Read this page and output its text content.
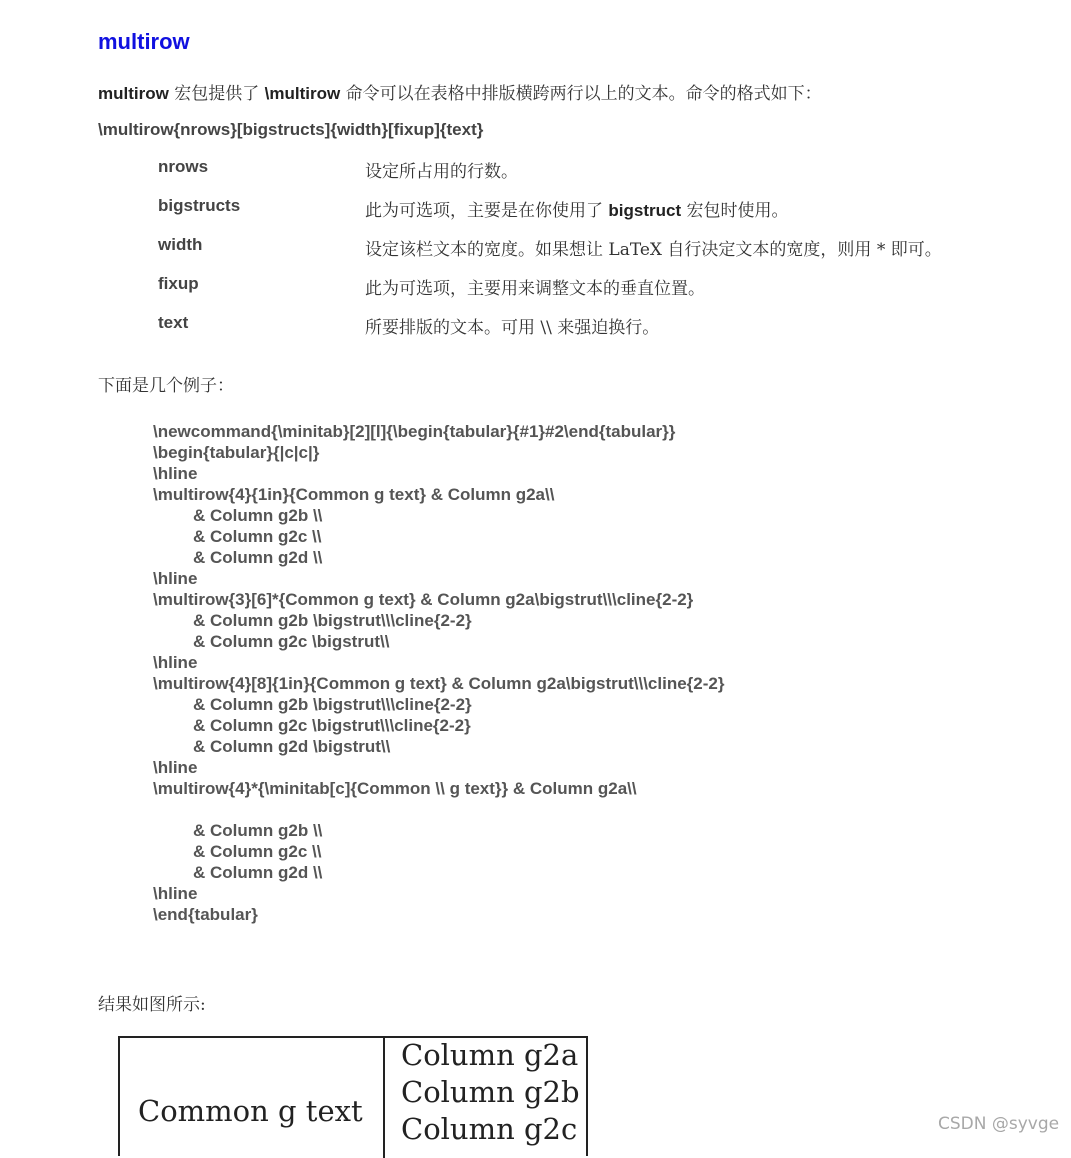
multirow
multirow 宏包提供了 \multirow 命令可以在表格中排版横跨两行以上的文本。命令的格式如下：
\multirow{nrows}[bigstructs]{width}[fixup]{text}
nrows	设定所占用的行数。
bigstructs	此为可选项，主要是在你使用了 bigstruct 宏包时使用。
width	设定该栏文本的宽度。如果想让 LaTeX 自行决定文本的宽度，则用 * 即可。
fixup	此为可选项，主要用来调整文本的垂直位置。
text	所要排版的文本。可用 \\ 来强迫换行。
下面是几个例子：
\newcommand{\minitab}[2][l]{\begin{tabular}{#1}#2\end{tabular}}
\begin{tabular}{|c|c|}
\hline
\multirow{4}{1in}{Common g text} & Column g2a\\
& Column g2b \\
& Column g2c \\
& Column g2d \\
\hline
\multirow{3}[6]*{Common g text} & Column g2a\bigstrut\\\cline{2-2}
& Column g2b \bigstrut\\\cline{2-2}
& Column g2c \bigstrut\\
\hline
\multirow{4}[8]{1in}{Common g text} & Column g2a\bigstrut\\\cline{2-2}
& Column g2b \bigstrut\\\cline{2-2}
& Column g2c \bigstrut\\\cline{2-2}
& Column g2d \bigstrut\\
\hline
\multirow{4}*{\minitab[c]{Common \\ g text}} & Column g2a\\
& Column g2b \\
& Column g2c \\
& Column g2d \\
\hline
\end{tabular}
结果如图所示:
Common g text
Column g2a
Column g2b
Column g2c	CSDN @syvge
